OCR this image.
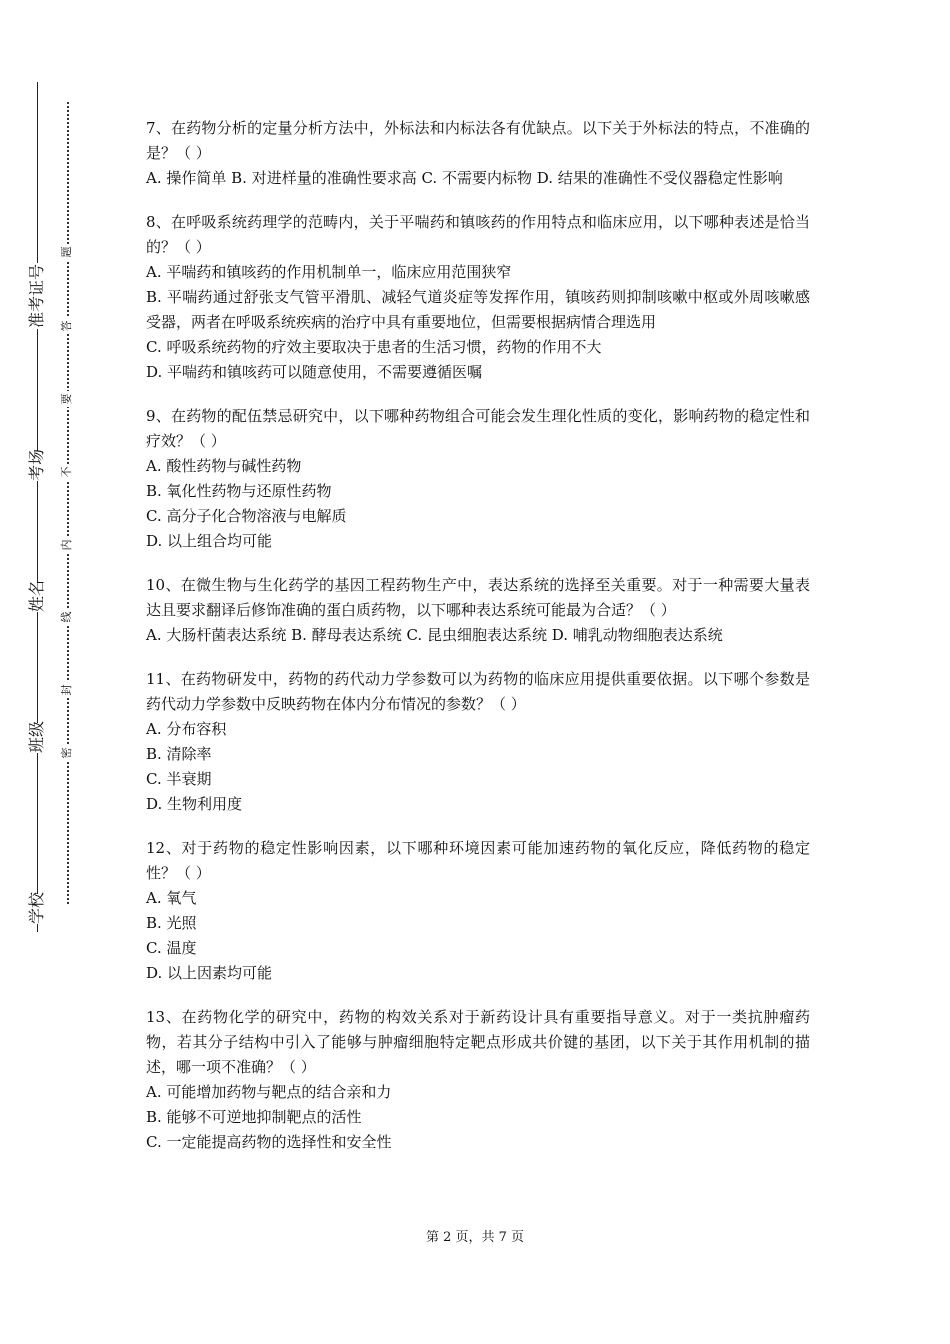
准考证号
考场
姓名
班级
学校
题
答
要
不
内
线
封
密

7、在药物分析的定量分析方法中，外标法和内标法各有优缺点。以下关于外标法的特点，不准确的是？（ ）

A. 操作简单 B. 对进样量的准确性要求高 C. 不需要内标物 D. 结果的准确性不受仪器稳定性影响

8、在呼吸系统药理学的范畴内，关于平喘药和镇咳药的作用特点和临床应用，以下哪种表述是恰当的？（ ）

A. 平喘药和镇咳药的作用机制单一，临床应用范围狭窄

B. 平喘药通过舒张支气管平滑肌、减轻气道炎症等发挥作用，镇咳药则抑制咳嗽中枢或外周咳嗽感受器，两者在呼吸系统疾病的治疗中具有重要地位，但需要根据病情合理选用

C. 呼吸系统药物的疗效主要取决于患者的生活习惯，药物的作用不大

D. 平喘药和镇咳药可以随意使用，不需要遵循医嘱

9、在药物的配伍禁忌研究中，以下哪种药物组合可能会发生理化性质的变化，影响药物的稳定性和疗效？（ ）

A. 酸性药物与碱性药物

B. 氧化性药物与还原性药物

C. 高分子化合物溶液与电解质

D. 以上组合均可能

10、在微生物与生化药学的基因工程药物生产中，表达系统的选择至关重要。对于一种需要大量表达且要求翻译后修饰准确的蛋白质药物，以下哪种表达系统可能最为合适？（ ）

A. 大肠杆菌表达系统 B. 酵母表达系统 C. 昆虫细胞表达系统 D. 哺乳动物细胞表达系统

11、在药物研发中，药物的药代动力学参数可以为药物的临床应用提供重要依据。以下哪个参数是药代动力学参数中反映药物在体内分布情况的参数？（ ）

A. 分布容积

B. 清除率

C. 半衰期

D. 生物利用度

12、对于药物的稳定性影响因素，以下哪种环境因素可能加速药物的氧化反应，降低药物的稳定性？（ ）

A. 氧气

B. 光照

C. 温度

D. 以上因素均可能

13、在药物化学的研究中，药物的构效关系对于新药设计具有重要指导意义。对于一类抗肿瘤药物，若其分子结构中引入了能够与肿瘤细胞特定靶点形成共价键的基团，以下关于其作用机制的描述，哪一项不准确？（ ）

A. 可能增加药物与靶点的结合亲和力

B. 能够不可逆地抑制靶点的活性

C. 一定能提高药物的选择性和安全性

第 2 页，共 7 页
